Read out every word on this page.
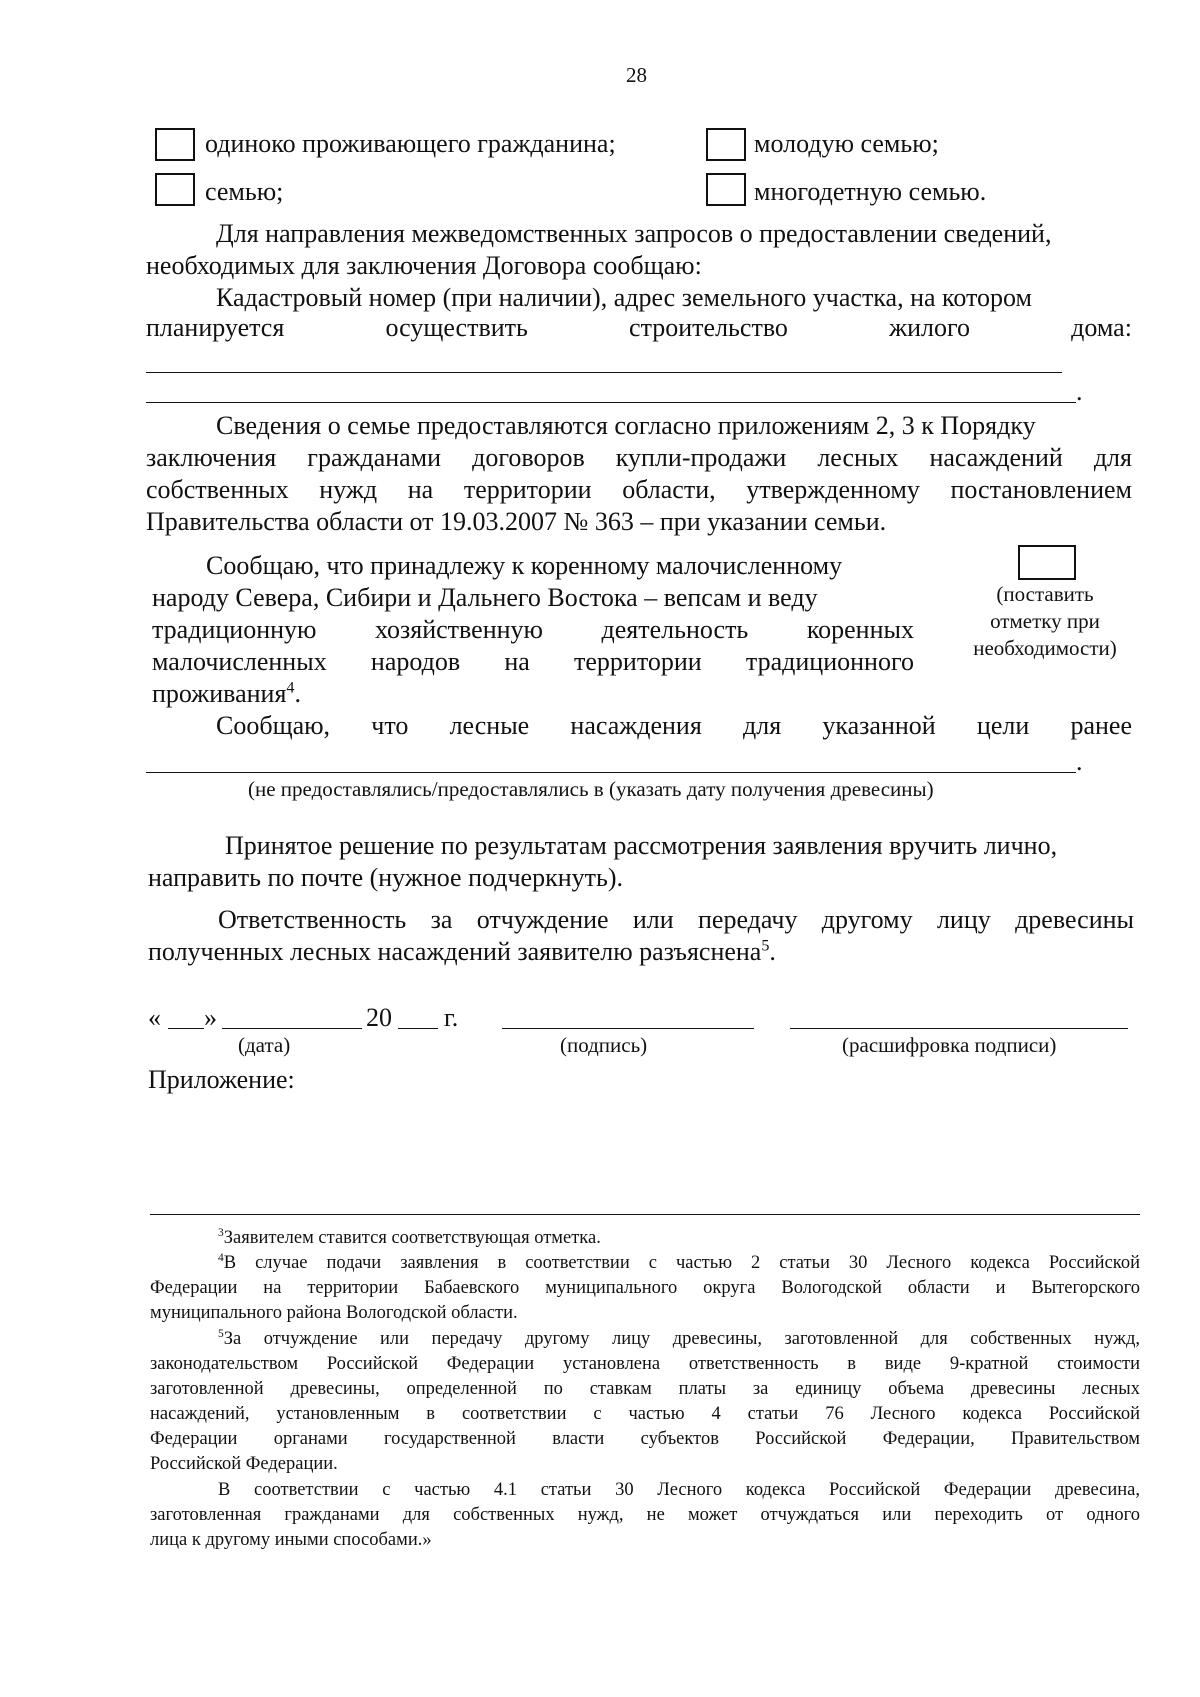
28
одиноко проживающего гражданина;	молодую семью;
семью;	многодетную семью.
Для направления межведомственных запросов о предоставлении сведений,
необходимых для заключения Договора сообщаю:
Кадастровый номер (при наличии), адрес земельного участка, на котором
планируется	осуществить	строительство	жилого	дома:
.
Сведения о семье предоставляются согласно приложениям 2, 3 к Порядку
заключения гражданами договоров купли-продажи лесных насаждений для
собственных нужд на территории области, утвержденному постановлением
Правительства области от 19.03.2007 № 363 – при указании семьи.
Сообщаю, что принадлежу к коренному малочисленному
народу Севера, Сибири и Дальнего Востока – вепсам и веду
традиционную хозяйственную деятельность коренных
малочисленных народов на территории традиционного
проживания$^4$.
(поставить
отметку при
необходимости)
Сообщаю, что лесные насаждения для указанной цели ранее
.
(не предоставлялись/предоставлялись в (указать дату получения древесины)
Принятое решение по результатам рассмотрения заявления вручить лично,
направить по почте (нужное подчеркнуть).
Ответственность за отчуждение или передачу другому лицу древесины
полученных лесных насаждений заявителю разъяснена$^5$.
« »	20 г.
(дата)	(подпись)	(расшифровка подписи)
Приложение:
$^3$Заявителем ставится соответствующая отметка.
$^4$В случае подачи заявления в соответствии с частью 2 статьи 30 Лесного кодекса Российской
Федерации на территории Бабаевского муниципального округа Вологодской области и Вытегорского
муниципального района Вологодской области.
$^5$За отчуждение или передачу другому лицу древесины, заготовленной для собственных нужд,
законодательством Российской Федерации установлена ответственность в виде 9-кратной стоимости
заготовленной древесины, определенной по ставкам платы за единицу объема древесины лесных
насаждений, установленным в соответствии с частью 4 статьи 76 Лесного кодекса Российской
Федерации органами государственной власти субъектов Российской Федерации, Правительством
Российской Федерации.
В соответствии с частью 4.1 статьи 30 Лесного кодекса Российской Федерации древесина,
заготовленная гражданами для собственных нужд, не может отчуждаться или переходить от одного
лица к другому иными способами.»
